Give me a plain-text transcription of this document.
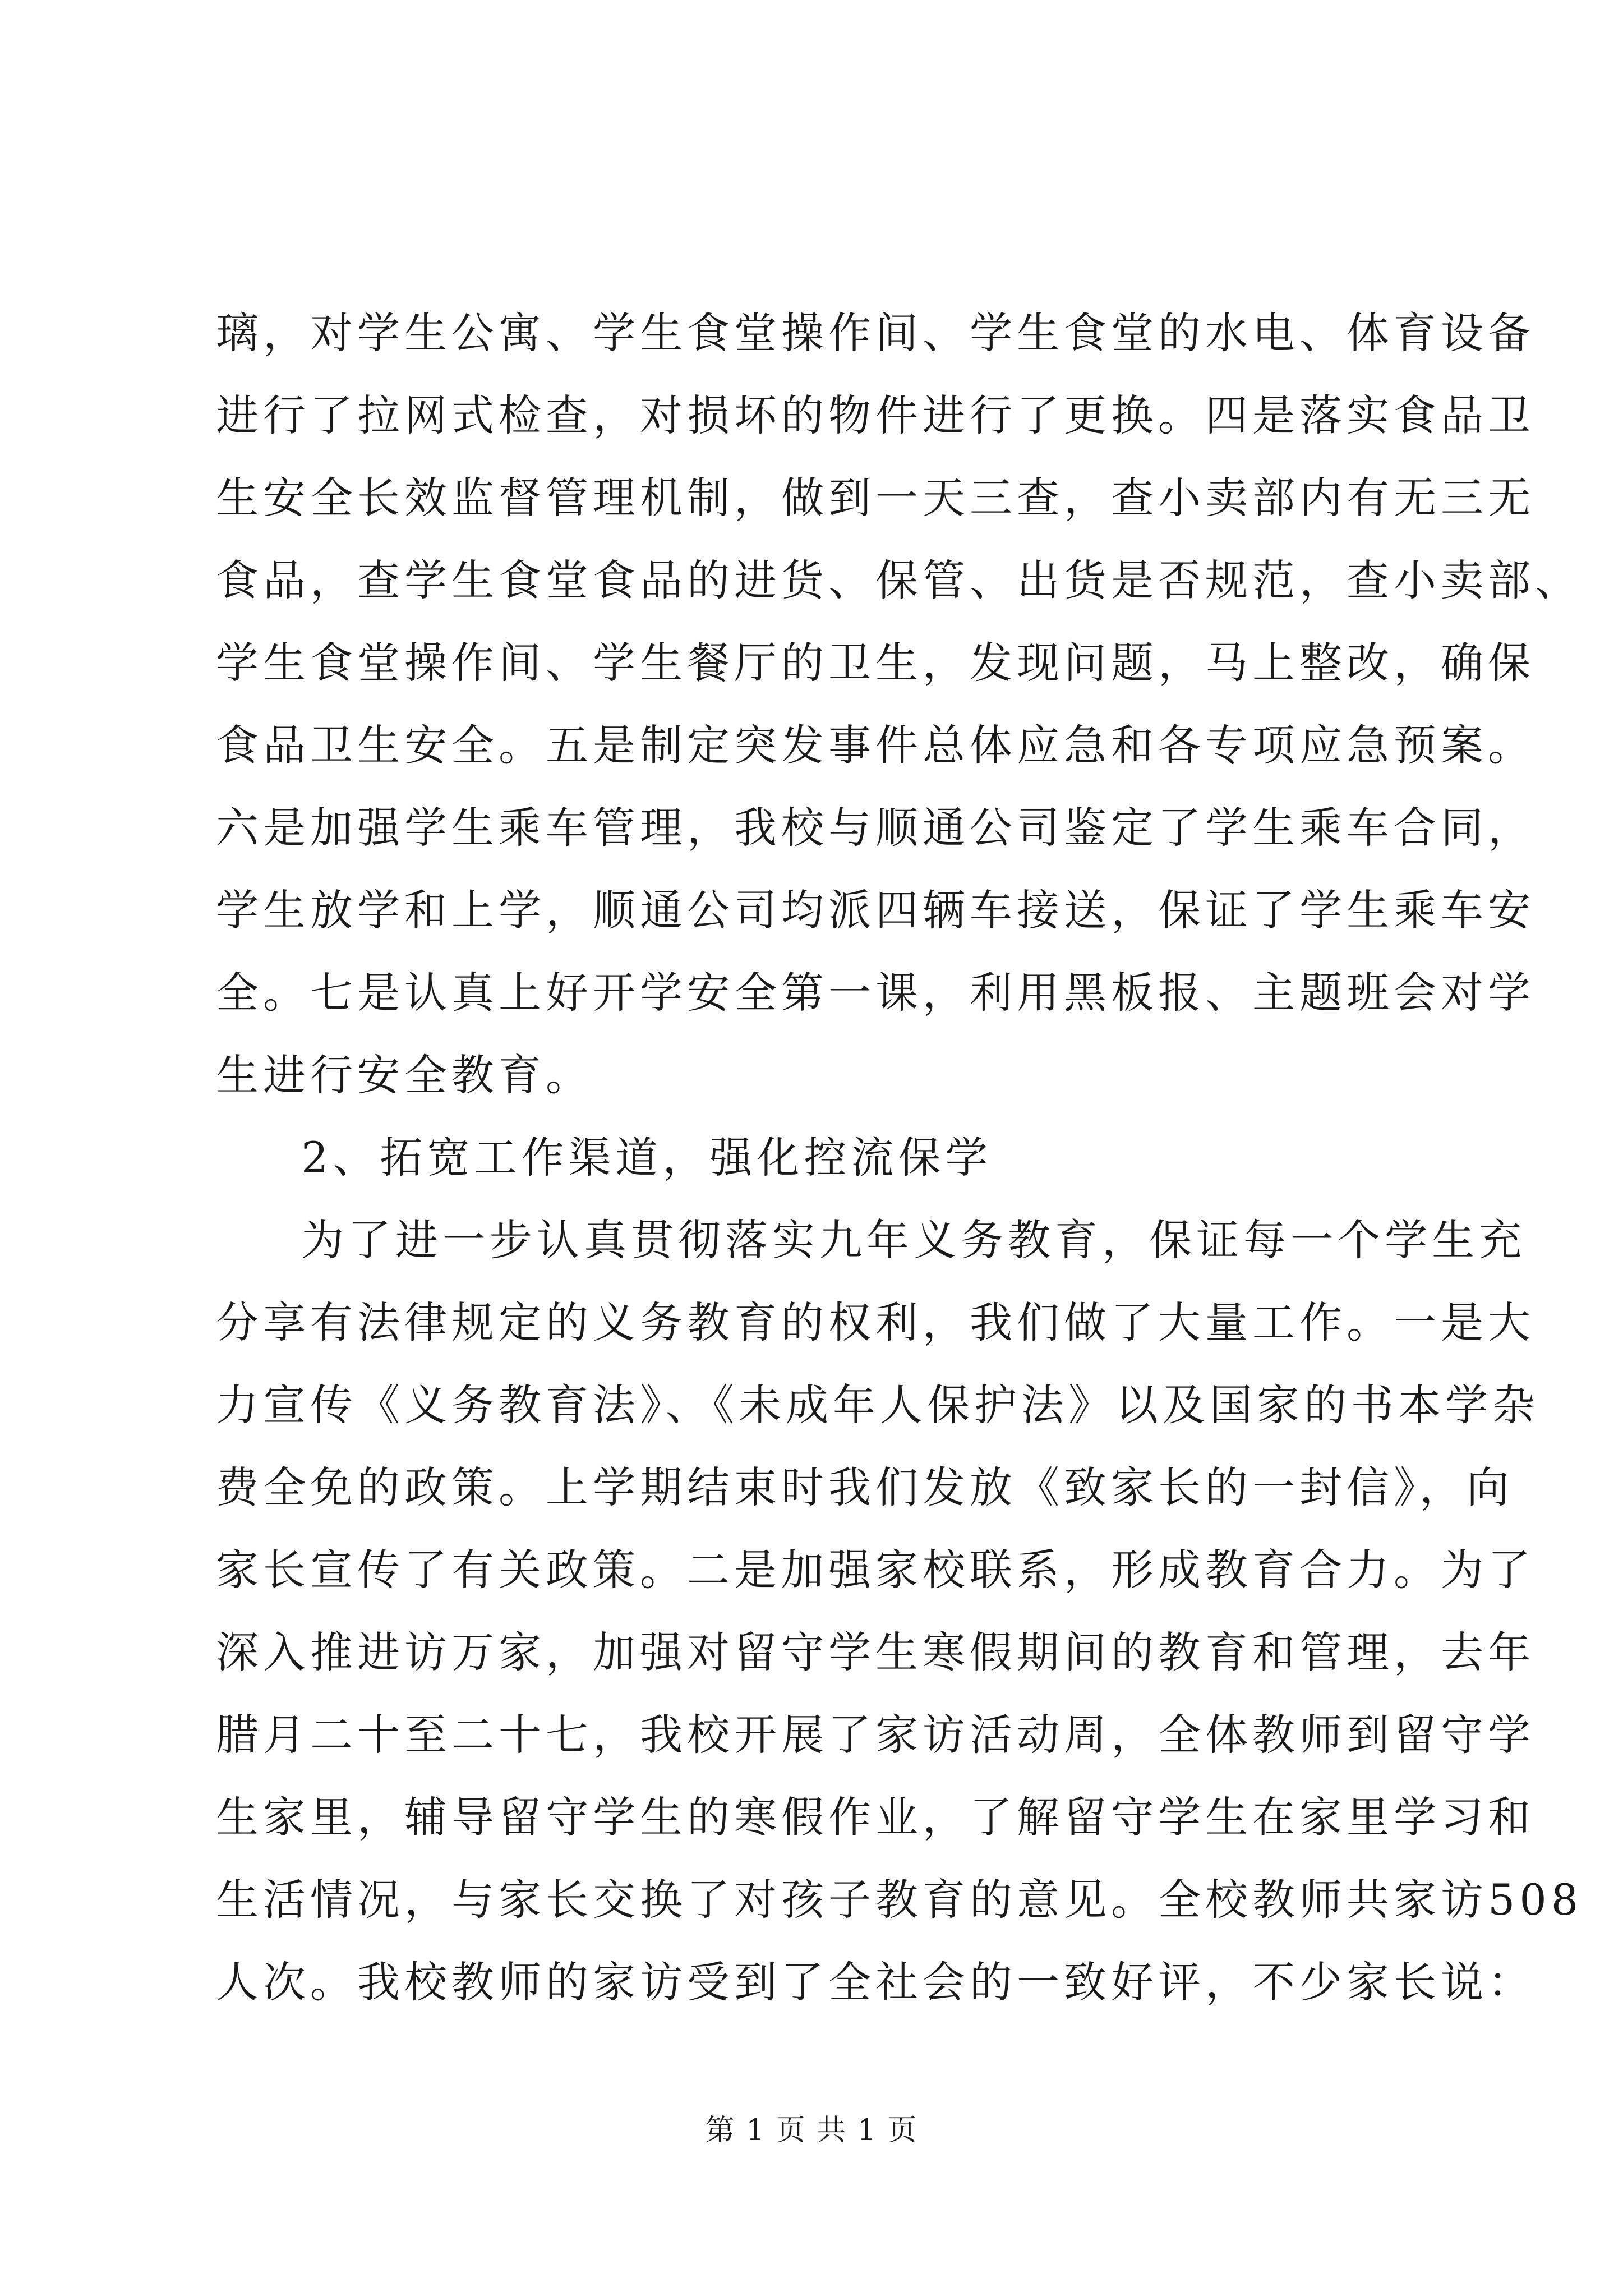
璃，对学生公寓、学生食堂操作间、学生食堂的水电、体育设备
进行了拉网式检查，对损坏的物件进行了更换。四是落实食品卫
生安全长效监督管理机制，做到一天三查，查小卖部内有无三无
食品，查学生食堂食品的进货、保管、出货是否规范，查小卖部、
学生食堂操作间、学生餐厅的卫生，发现问题，马上整改，确保
食品卫生安全。五是制定突发事件总体应急和各专项应急预案。
六是加强学生乘车管理，我校与顺通公司鉴定了学生乘车合同，
学生放学和上学，顺通公司均派四辆车接送，保证了学生乘车安
全。七是认真上好开学安全第一课，利用黑板报、主题班会对学
生进行安全教育。
2、拓宽工作渠道，强化控流保学
为了进一步认真贯彻落实九年义务教育，保证每一个学生充
分享有法律规定的义务教育的权利，我们做了大量工作。一是大
力宣传《义务教育法》、《未成年人保护法》以及国家的书本学杂
费全免的政策。上学期结束时我们发放《致家长的一封信》，向
家长宣传了有关政策。二是加强家校联系，形成教育合力。为了
深入推进访万家，加强对留守学生寒假期间的教育和管理，去年
腊月二十至二十七，我校开展了家访活动周，全体教师到留守学
生家里，辅导留守学生的寒假作业，了解留守学生在家里学习和
生活情况，与家长交换了对孩子教育的意见。全校教师共家访508
人次。我校教师的家访受到了全社会的一致好评，不少家长说：
第 1 页 共 1 页
